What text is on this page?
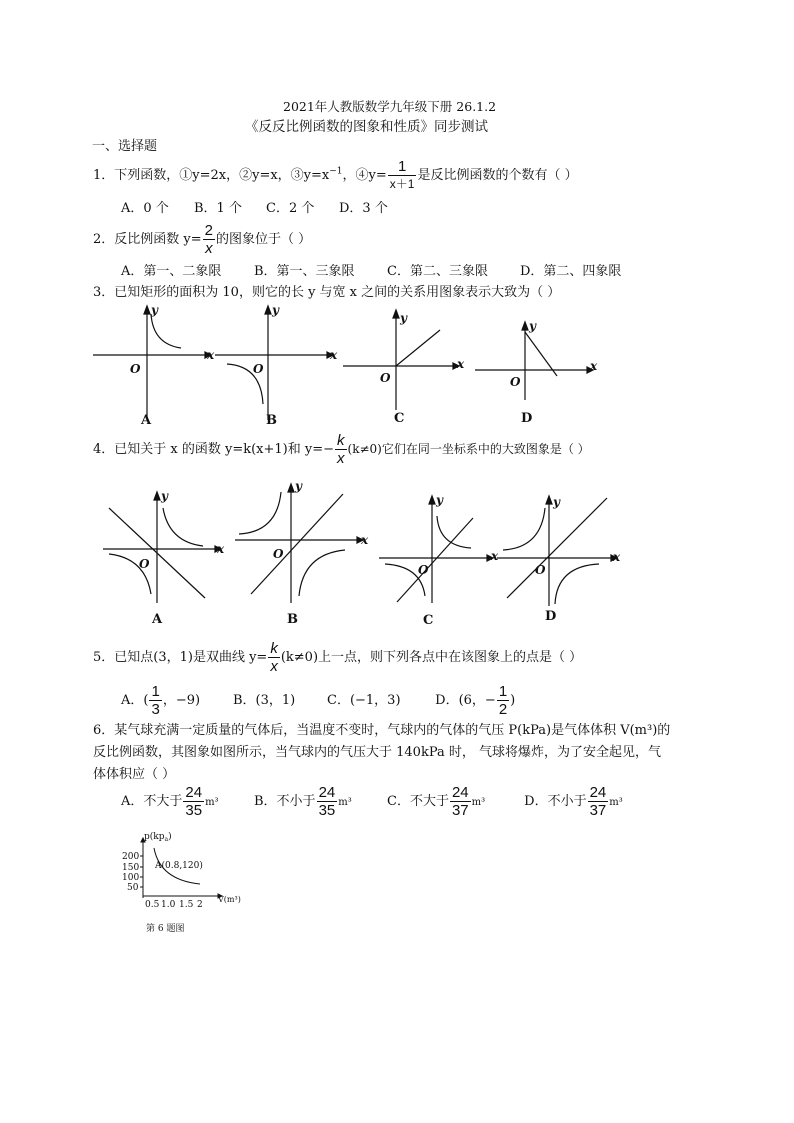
2021年人教版数学九年级下册 26.1.2
《反反比例函数的图象和性质》同步测试
一、选择题
1．下列函数，①y=2x，②y=x，$③y=x^{-1}$，④y= $\frac{1}{x+1}$ 是反比例函数的个数有（ ）
A．0 个 B．1 个 C．2 个 D．3 个
2．反比例函数 $y= \frac{2}{x}$ 的图象位于（ ）
A．第一、二象限	B．第一、三象限 C．第二、三象限 D．第二、四象限
3．已知矩形的面积为 10，则它的长 y 与宽 x 之间的关系用图象表示大致为（ ）
x
y
O
x
y
O	x
y
O
x
y
O
A	B	C	D
4．已知关于 x 的函数 y=k(x+1)和 $y=- \frac{k}{x} (k\ne 0)$它们在同一坐标系中的大致图象是（ ）
x
y
O
x
y
O	x
y
O
x
y
O
A	B	C	D
5．已知点(3，1)是双曲线 $y= \frac{k}{x} (k\ne 0)$上一点，则下列各点中在该图象上的点是（ ）
A．( $\frac{1}{3}$ ，−9)	B．(3，1) C．(−1，3)	D．(6，− $\frac{1}{2}$ )
6．某气球充满一定质量的气体后，当温度不变时，气球内的气体的气压 P(kPa)是气体体积 V(m³)的
反比例函数，其图象如图所示，当气球内的气压大于 140kPa 时， 气球将爆炸，为了安全起见，气
体体积应（ ）
A．不大于 $\frac{24}{35} m^3$	B．不小于 $\frac{24}{35} m^3$	C．不大于 $\frac{24}{37} m^3$	D．不小于 $\frac{24}{37} m^3$
$p(kp_a)$
200
150
100
50
A(0.8,120)
0.5 1.0 1.5 2
V(m³)
第 6 题图
